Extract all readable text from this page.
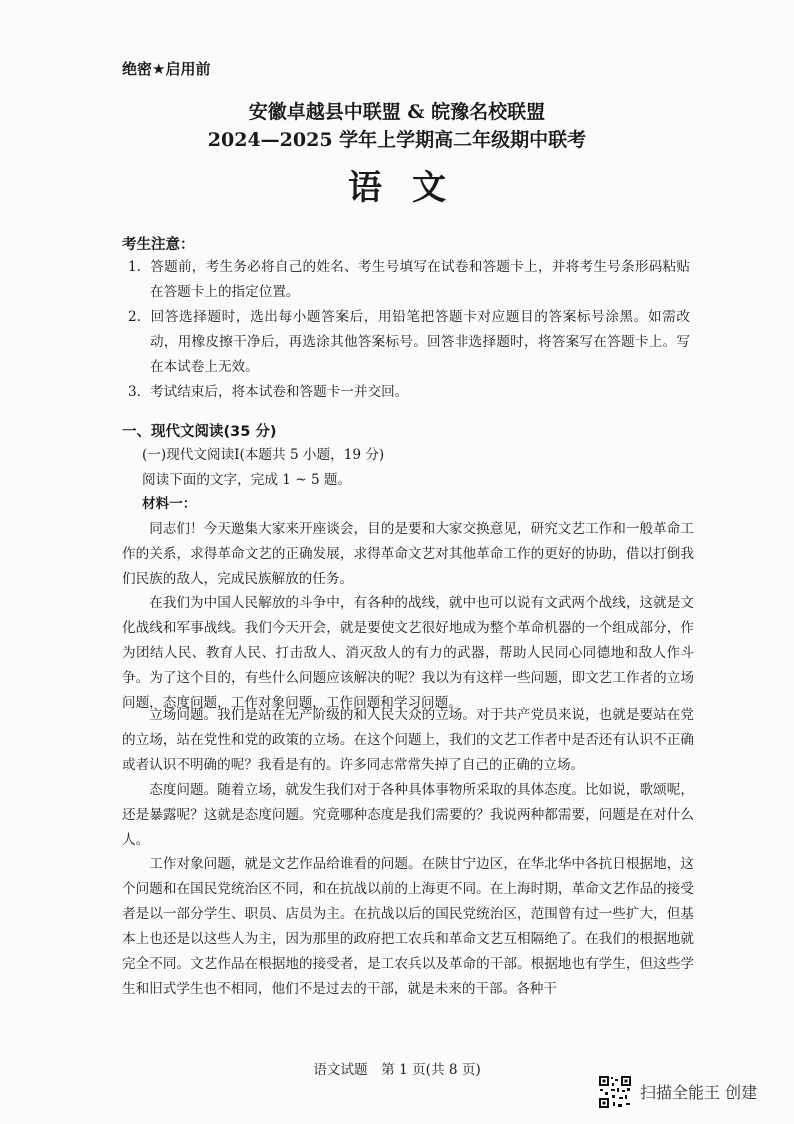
绝密★启用前
安徽卓越县中联盟 & 皖豫名校联盟
2024—2025 学年上学期高二年级期中联考
语文
考生注意：
1. 答题前，考生务必将自己的姓名、考生号填写在试卷和答题卡上，并将考生号条形码粘贴在答题卡上的指定位置。
2. 回答选择题时，选出每小题答案后，用铅笔把答题卡对应题目的答案标号涂黑。如需改动，用橡皮擦干净后，再选涂其他答案标号。回答非选择题时，将答案写在答题卡上。写在本试卷上无效。
3. 考试结束后，将本试卷和答题卡一并交回。
一、现代文阅读(35 分)
(一)现代文阅读Ⅰ(本题共 5 小题，19 分)
阅读下面的文字，完成 1 ~ 5 题。
材料一：
同志们！今天邀集大家来开座谈会，目的是要和大家交换意见，研究文艺工作和一般革命工作的关系，求得革命文艺的正确发展，求得革命文艺对其他革命工作的更好的协助，借以打倒我们民族的敌人，完成民族解放的任务。
在我们为中国人民解放的斗争中，有各种的战线，就中也可以说有文武两个战线，这就是文化战线和军事战线。我们今天开会，就是要使文艺很好地成为整个革命机器的一个组成部分，作为团结人民、教育人民、打击敌人、消灭敌人的有力的武器，帮助人民同心同德地和敌人作斗争。为了这个目的，有些什么问题应该解决的呢？我以为有这样一些问题，即文艺工作者的立场问题，态度问题，工作对象问题，工作问题和学习问题。
立场问题。我们是站在无产阶级的和人民大众的立场。对于共产党员来说，也就是要站在党的立场，站在党性和党的政策的立场。在这个问题上，我们的文艺工作者中是否还有认识不正确或者认识不明确的呢？我看是有的。许多同志常常失掉了自己的正确的立场。
态度问题。随着立场，就发生我们对于各种具体事物所采取的具体态度。比如说，歌颂呢，还是暴露呢？这就是态度问题。究竟哪种态度是我们需要的？我说两种都需要，问题是在对什么人。
工作对象问题，就是文艺作品给谁看的问题。在陕甘宁边区，在华北华中各抗日根据地，这个问题和在国民党统治区不同，和在抗战以前的上海更不同。在上海时期，革命文艺作品的接受者是以一部分学生、职员、店员为主。在抗战以后的国民党统治区，范围曾有过一些扩大，但基本上也还是以这些人为主，因为那里的政府把工农兵和革命文艺互相隔绝了。在我们的根据地就完全不同。文艺作品在根据地的接受者，是工农兵以及革命的干部。根据地也有学生，但这些学生和旧式学生也不相同，他们不是过去的干部，就是未来的干部。各种干
语文试题　第 1 页(共 8 页)
扫描全能王 创建
